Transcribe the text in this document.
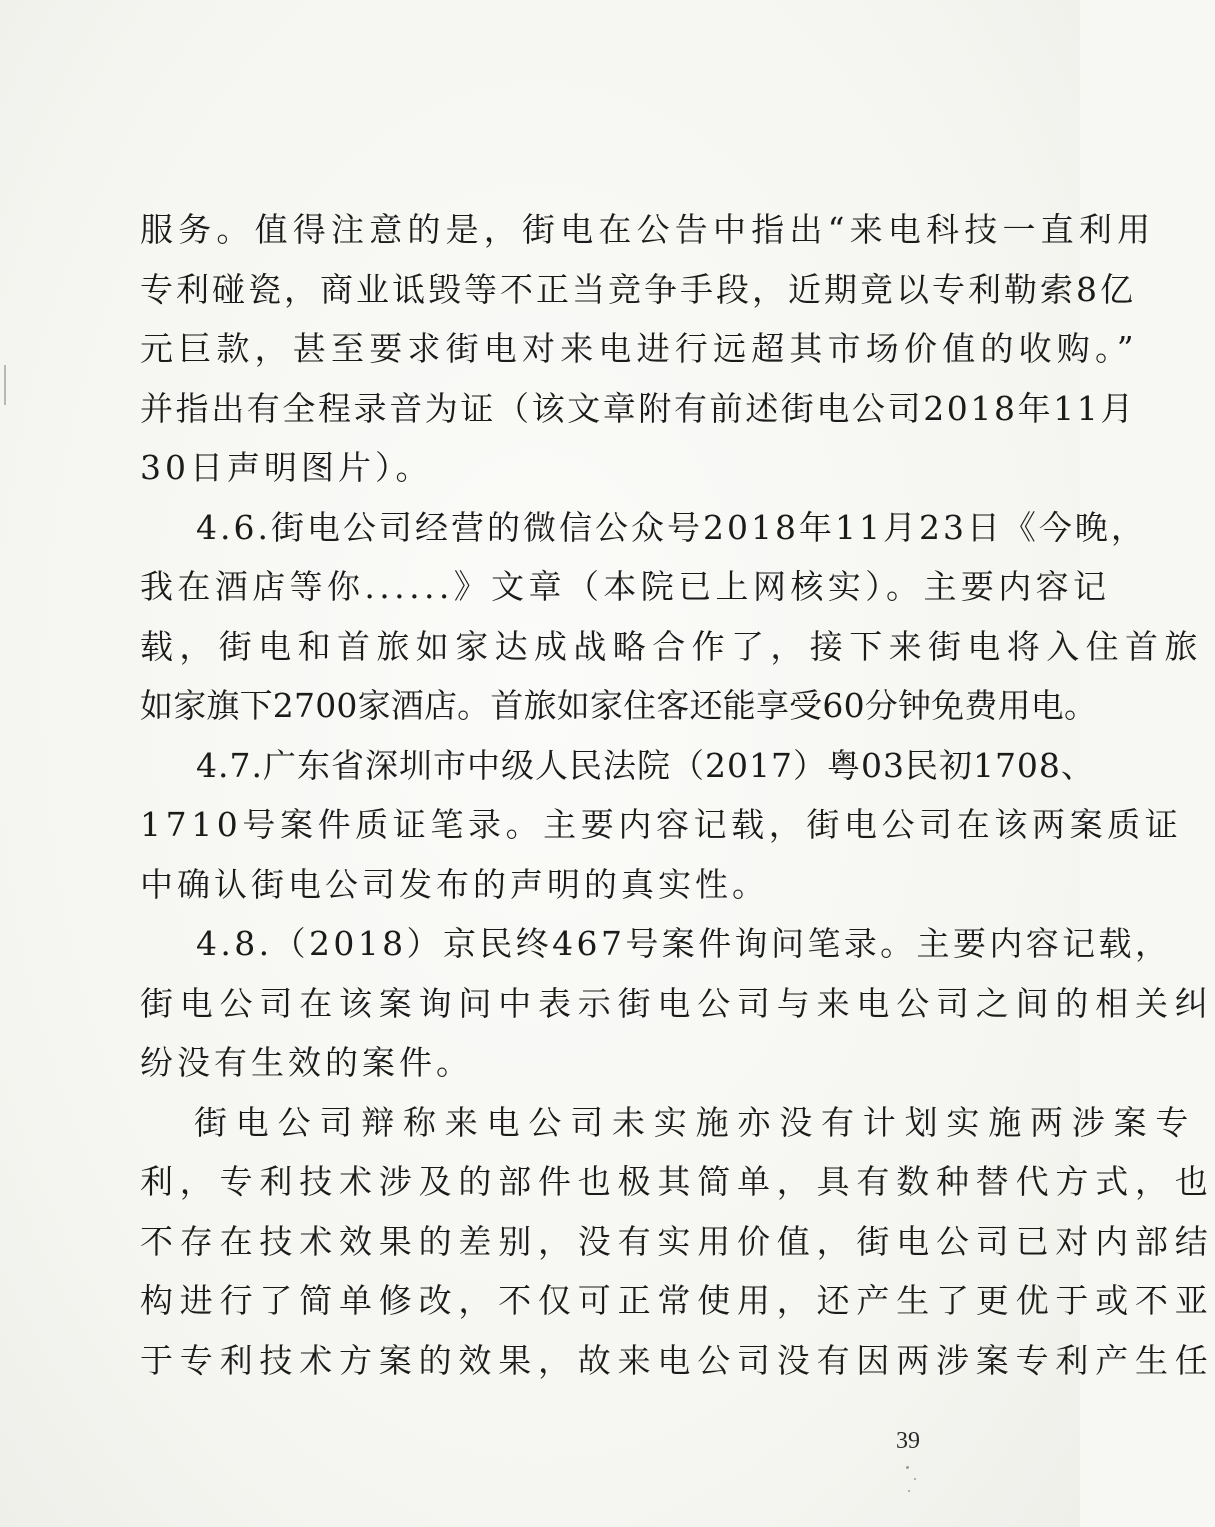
服务。值得注意的是，街电在公告中指出“来电科技一直利用
专利碰瓷，商业诋毁等不正当竞争手段，近期竟以专利勒索8亿
元巨款，甚至要求街电对来电进行远超其市场价值的收购。”
并指出有全程录音为证（该文章附有前述街电公司2018年11月
30日声明图片）。
4.6.街电公司经营的微信公众号2018年11月23日《今晚，
我在酒店等你......》文章（本院已上网核实）。主要内容记
载，街电和首旅如家达成战略合作了，接下来街电将入住首旅
如家旗下2700家酒店。首旅如家住客还能享受60分钟免费用电。
4.7.广东省深圳市中级人民法院（2017）粤03民初1708、
1710号案件质证笔录。主要内容记载，街电公司在该两案质证
中确认街电公司发布的声明的真实性。
4.8.（2018）京民终467号案件询问笔录。主要内容记载，
街电公司在该案询问中表示街电公司与来电公司之间的相关纠
纷没有生效的案件。
街电公司辩称来电公司未实施亦没有计划实施两涉案专
利，专利技术涉及的部件也极其简单，具有数种替代方式，也
不存在技术效果的差别，没有实用价值，街电公司已对内部结
构进行了简单修改，不仅可正常使用，还产生了更优于或不亚
于专利技术方案的效果，故来电公司没有因两涉案专利产生任
39
